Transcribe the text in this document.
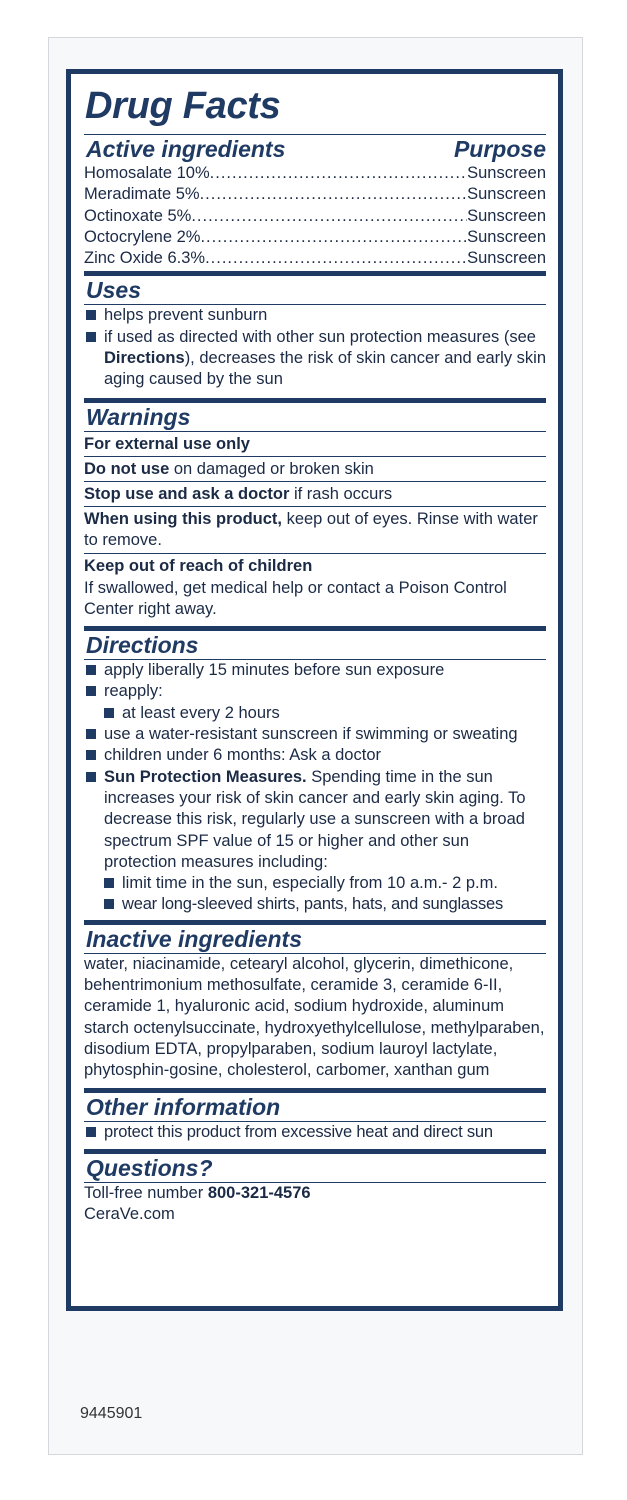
Drug Facts
Active ingredients	Purpose
Homosalate 10% .....	Sunscreen
Meradimate 5% .....	Sunscreen
Octinoxate 5% .....	Sunscreen
Octocrylene 2% .....	Sunscreen
Zinc Oxide 6.3% .....	Sunscreen
Uses
helps prevent sunburn
if used as directed with other sun protection measures (see Directions), decreases the risk of skin cancer and early skin aging caused by the sun
Warnings
For external use only
Do not use on damaged or broken skin
Stop use and ask a doctor if rash occurs
When using this product, keep out of eyes. Rinse with water to remove.
Keep out of reach of children
If swallowed, get medical help or contact a Poison Control Center right away.
Directions
apply liberally 15 minutes before sun exposure
reapply:
at least every 2 hours
use a water-resistant sunscreen if swimming or sweating
children under 6 months: Ask a doctor
Sun Protection Measures. Spending time in the sun increases your risk of skin cancer and early skin aging. To decrease this risk, regularly use a sunscreen with a broad spectrum SPF value of 15 or higher and other sun protection measures including:
limit time in the sun, especially from 10 a.m.- 2 p.m.
wear long-sleeved shirts, pants, hats, and sunglasses
Inactive ingredients
water, niacinamide, cetearyl alcohol, glycerin, dimethicone, behentrimonium methosulfate, ceramide 3, ceramide 6-II, ceramide 1, hyaluronic acid, sodium hydroxide, aluminum starch octenylsuccinate, hydroxyethylcellulose, methylparaben, disodium EDTA, propylparaben, sodium lauroyl lactylate, phytosphin-gosine, cholesterol, carbomer, xanthan gum
Other information
protect this product from excessive heat and direct sun
Questions?
Toll-free number 800-321-4576
CeraVe.com
9445901
